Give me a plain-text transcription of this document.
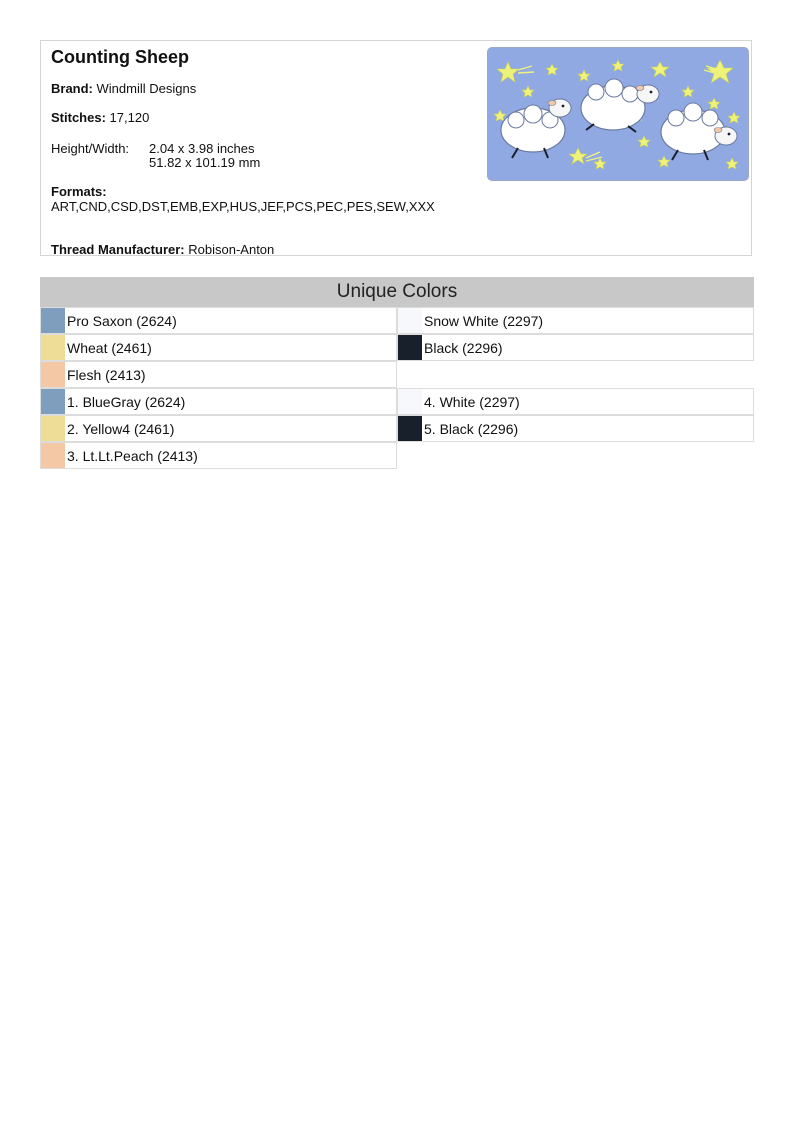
Counting Sheep
Brand: Windmill Designs
Stitches: 17,120
Height/Width: 2.04 x 3.98 inches
51.82 x 101.19 mm
Formats:
ART,CND,CSD,DST,EMB,EXP,HUS,JEF,PCS,PEC,PES,SEW,XXX
Thread Manufacturer: Robison-Anton
Unique Colors
Pro Saxon (2624)
Wheat (2461)
Flesh (2413)
1. BlueGray (2624)
2. Yellow4 (2461)
3. Lt.Lt.Peach (2413)
Snow White (2297)
Black (2296)
4. White (2297)
5. Black (2296)
